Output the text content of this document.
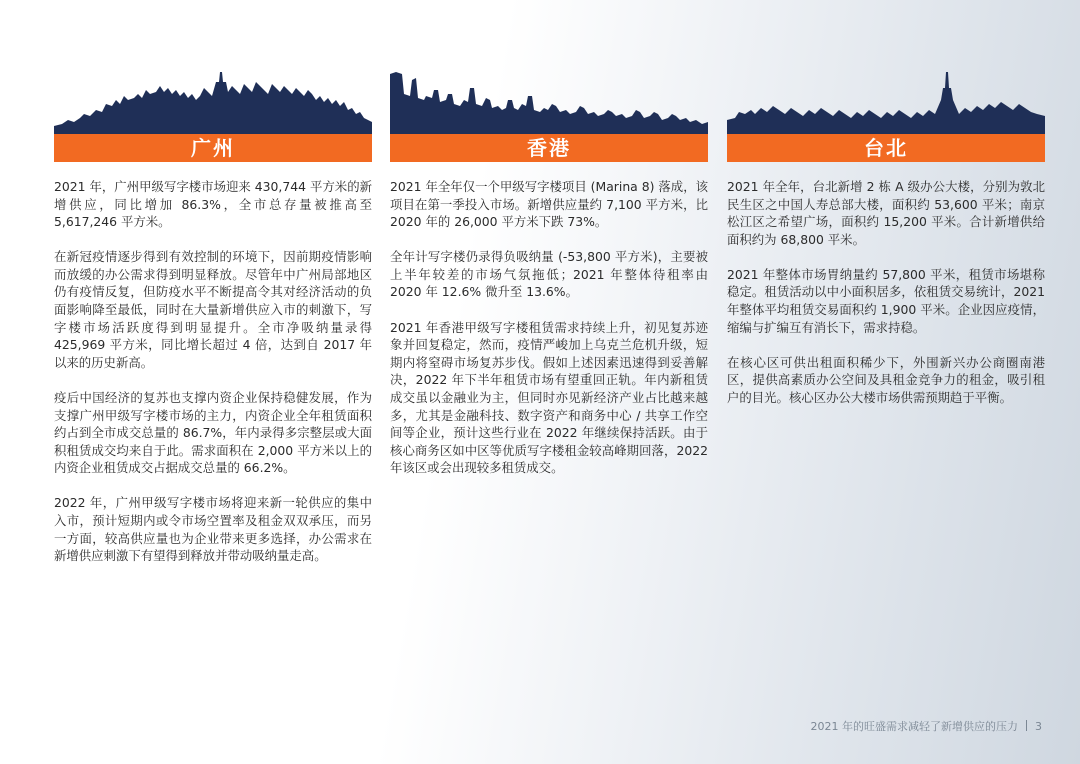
广州

2021 年，广州甲级写字楼市场迎来 430,744 平方米的新增供应，同比增加 86.3%，全市总存量被推高至 5,617,246 平方米。

在新冠疫情逐步得到有效控制的环境下，因前期疫情影响而放缓的办公需求得到明显释放。尽管年中广州局部地区仍有疫情反复，但防疫水平不断提高令其对经济活动的负面影响降至最低，同时在大量新增供应入市的刺激下，写字楼市场活跃度得到明显提升。全市净吸纳量录得 425,969 平方米，同比增长超过 4 倍，达到自 2017 年以来的历史新高。

疫后中国经济的复苏也支撑内资企业保持稳健发展，作为支撑广州甲级写字楼市场的主力，内资企业全年租赁面积约占到全市成交总量的 86.7%，年内录得多宗整层或大面积租赁成交均来自于此。需求面积在 2,000 平方米以上的内资企业租赁成交占据成交总量的 66.2%。

2022 年，广州甲级写字楼市场将迎来新一轮供应的集中入市，预计短期内或令市场空置率及租金双双承压，而另一方面，较高供应量也为企业带来更多选择，办公需求在新增供应刺激下有望得到释放并带动吸纳量走高。

香港

2021 年全年仅一个甲级写字楼项目 (Marina 8) 落成，该项目在第一季投入市场。新增供应量约 7,100 平方米，比 2020 年的 26,000 平方米下跌 73%。

全年计写字楼仍录得负吸纳量 (-53,800 平方米)，主要被上半年较差的市场气氛拖低；2021 年整体待租率由 2020 年 12.6% 微升至 13.6%。

2021 年香港甲级写字楼租赁需求持续上升，初见复苏迹象并回复稳定，然而，疫情严峻加上乌克兰危机升级，短期内将窒碍市场复苏步伐。假如上述因素迅速得到妥善解决，2022 年下半年租赁市场有望重回正轨。年内新租赁成交虽以金融业为主，但同时亦见新经济产业占比越来越多，尤其是金融科技、数字资产和商务中心 / 共享工作空间等企业，预计这些行业在 2022 年继续保持活跃。由于核心商务区如中区等优质写字楼租金较高峰期回落，2022 年该区或会出现较多租赁成交。

台北

2021 年全年，台北新增 2 栋 A 级办公大楼，分别为敦北民生区之中国人寿总部大楼，面积约 53,600 平米；南京松江区之希望广场，面积约 15,200 平米。合计新增供给面积约为 68,800 平米。

2021 年整体市场胃纳量约 57,800 平米，租赁市场堪称稳定。租赁活动以中小面积居多，依租赁交易统计，2021 年整体平均租赁交易面积约 1,900 平米。企业因应疫情，缩编与扩编互有消长下，需求持稳。

在核心区可供出租面积稀少下，外围新兴办公商圈南港区，提供高素质办公空间及具租金竞争力的租金，吸引租户的目光。核心区办公大楼市场供需预期趋于平衡。

2021 年的旺盛需求减轻了新增供应的压力 3
